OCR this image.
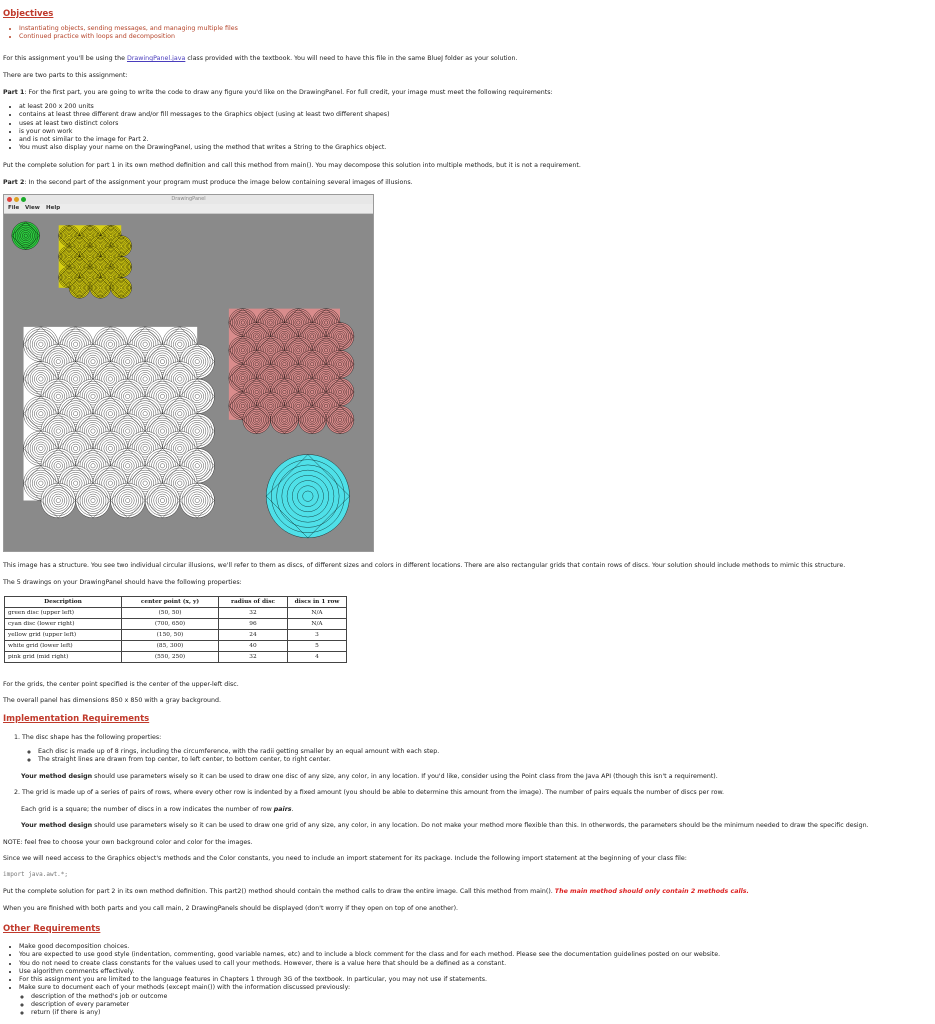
Objectives
• Instantiating objects, sending messages, and managing multiple files
• Continued practice with loops and decomposition
For this assignment you'll be using the DrawingPanel.java class provided with the textbook. You will need to have this file in the same BlueJ folder as your solution.
There are two parts to this assignment:
Part 1: For the first part, you are going to write the code to draw any figure you'd like on the DrawingPanel. For full credit, your image must meet the following requirements:
• at least 200 x 200 units
• contains at least three different draw and/or fill messages to the Graphics object (using at least two different shapes)
• uses at least two distinct colors
• is your own work
• and is not similar to the image for Part 2.
• You must also display your name on the DrawingPanel, using the method that writes a String to the Graphics object.
Put the complete solution for part 1 in its own method definition and call this method from main(). You may decompose this solution into multiple methods, but it is not a requirement.
Part 2: In the second part of the assignment your program must produce the image below containing several images of illusions.
DrawingPanel
File View Help
This image has a structure. You see two individual circular illusions, we'll refer to them as discs, of different sizes and colors in different locations. There are also rectangular grids that contain rows of discs. Your solution should include methods to mimic this structure.
The 5 drawings on your DrawingPanel should have the following properties:
Description	center point (x, y)	radius of disc	discs in 1 row
green disc (upper left)	(50, 50)	32	N/A
cyan disc (lower right)	(700, 650)	96	N/A
yellow grid (upper left)	(150, 50)	24	3
white grid (lower left)	(85, 300)	40	5
pink grid (mid right)	(550, 250)	32	4
For the grids, the center point specified is the center of the upper-left disc.
The overall panel has dimensions 850 x 850 with a gray background.
Implementation Requirements
1. The disc shape has the following properties:
◦ Each disc is made up of 8 rings, including the circumference, with the radii getting smaller by an equal amount with each step.
◦ The straight lines are drawn from top center, to left center, to bottom center, to right center.
Your method design should use parameters wisely so it can be used to draw one disc of any size, any color, in any location. If you'd like, consider using the Point class from the Java API (though this isn't a requirement).
2. The grid is made up of a series of pairs of rows, where every other row is indented by a fixed amount (you should be able to determine this amount from the image). The number of pairs equals the number of discs per row.
Each grid is a square; the number of discs in a row indicates the number of row pairs.
Your method design should use parameters wisely so it can be used to draw one grid of any size, any color, in any location. Do not make your method more flexible than this. In otherwords, the parameters should be the minimum needed to draw the specific design.
NOTE: feel free to choose your own background color and color for the images.
Since we will need access to the Graphics object's methods and the Color constants, you need to include an import statement for its package. Include the following import statement at the beginning of your class file:
import java.awt.*;
Put the complete solution for part 2 in its own method definition. This part2() method should contain the method calls to draw the entire image. Call this method from main(). The main method should only contain 2 methods calls.
When you are finished with both parts and you call main, 2 DrawingPanels should be displayed (don't worry if they open on top of one another).
Other Requirements
• Make good decomposition choices.
• You are expected to use good style (indentation, commenting, good variable names, etc) and to include a block comment for the class and for each method. Please see the documentation guidelines posted on our website.
• You do not need to create class constants for the values used to call your methods. However, there is a value here that should be a defined as a constant.
• Use algorithm comments effectively.
• For this assignment you are limited to the language features in Chapters 1 through 3G of the textbook. In particular, you may not use if statements.
• Make sure to document each of your methods (except main()) with the information discussed previously:
◦ description of the method's job or outcome
◦ description of every parameter
◦ return (if there is any)
